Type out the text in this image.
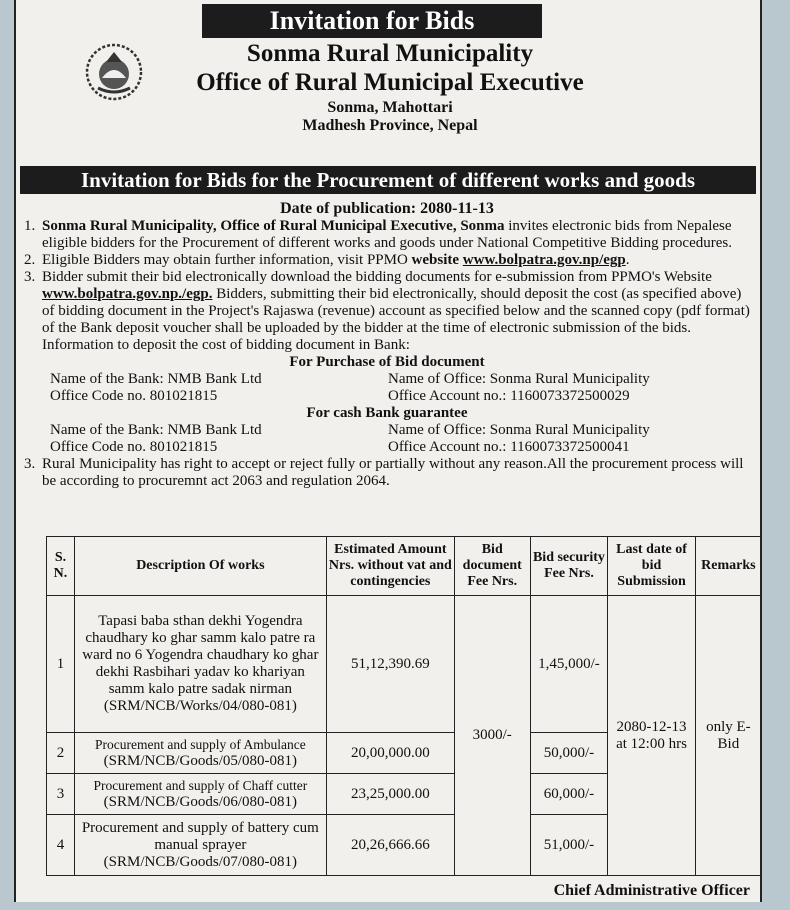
Invitation for Bids
Sonma Rural Municipality
Office of Rural Municipal Executive
Sonma, Mahottari
Madhesh Province, Nepal
Invitation for Bids for the Procurement of different works and goods
Date of publication: 2080-11-13
1. Sonma Rural Municipality, Office of Rural Municipal Executive, Sonma invites electronic bids from Nepalese eligible bidders for the Procurement of different works and goods under National Competitive Bidding procedures.
2. Eligible Bidders may obtain further information, visit PPMO website www.bolpatra.gov.np/egp.
3. Bidder submit their bid electronically download the bidding documents for e-submission from PPMO's Website www.bolpatra.gov.np./egp. Bidders, submitting their bid electronically, should deposit the cost (as specified above) of bidding document in the Project's Rajaswa (revenue) account as specified below and the scanned copy (pdf format) of the Bank deposit voucher shall be uploaded by the bidder at the time of electronic submission of the bids. Information to deposit the cost of bidding document in Bank:
For Purchase of Bid document
Name of the Bank: NMB Bank Ltd	Name of Office: Sonma Rural Municipality
Office Code no. 801021815	Office Account no.: 1160073372500029
For cash Bank guarantee
Name of the Bank: NMB Bank Ltd	Name of Office: Sonma Rural Municipality
Office Code no. 801021815	Office Account no.: 1160073372500041
3. Rural Municipality has right to accept or reject fully or partially without any reason.All the procurement process will be according to procuremnt act 2063 and regulation 2064.
S. N.	Description Of works	Estimated Amount Nrs. without vat and contingencies	Bid document Fee Nrs.	Bid security Fee Nrs.	Last date of bid Submission	Remarks
1	Tapasi baba sthan dekhi Yogendra chaudhary ko ghar samm kalo patre ra ward no 6 Yogendra chaudhary ko ghar dekhi Rasbihari yadav ko khariyan samm kalo patre sadak nirman
(SRM/NCB/Works/04/080-081)	51,12,390.69	3000/-	1,45,000/-	2080-12-13 at 12:00 hrs	only E-Bid
2	Procurement and supply of Ambulance
(SRM/NCB/Goods/05/080-081)	20,00,000.00		50,000/-		
3	Procurement and supply of Chaff cutter
(SRM/NCB/Goods/06/080-081)	23,25,000.00		60,000/-		
4	Procurement and supply of battery cum manual sprayer
(SRM/NCB/Goods/07/080-081)	20,26,666.66		51,000/-		
Chief Administrative Officer
